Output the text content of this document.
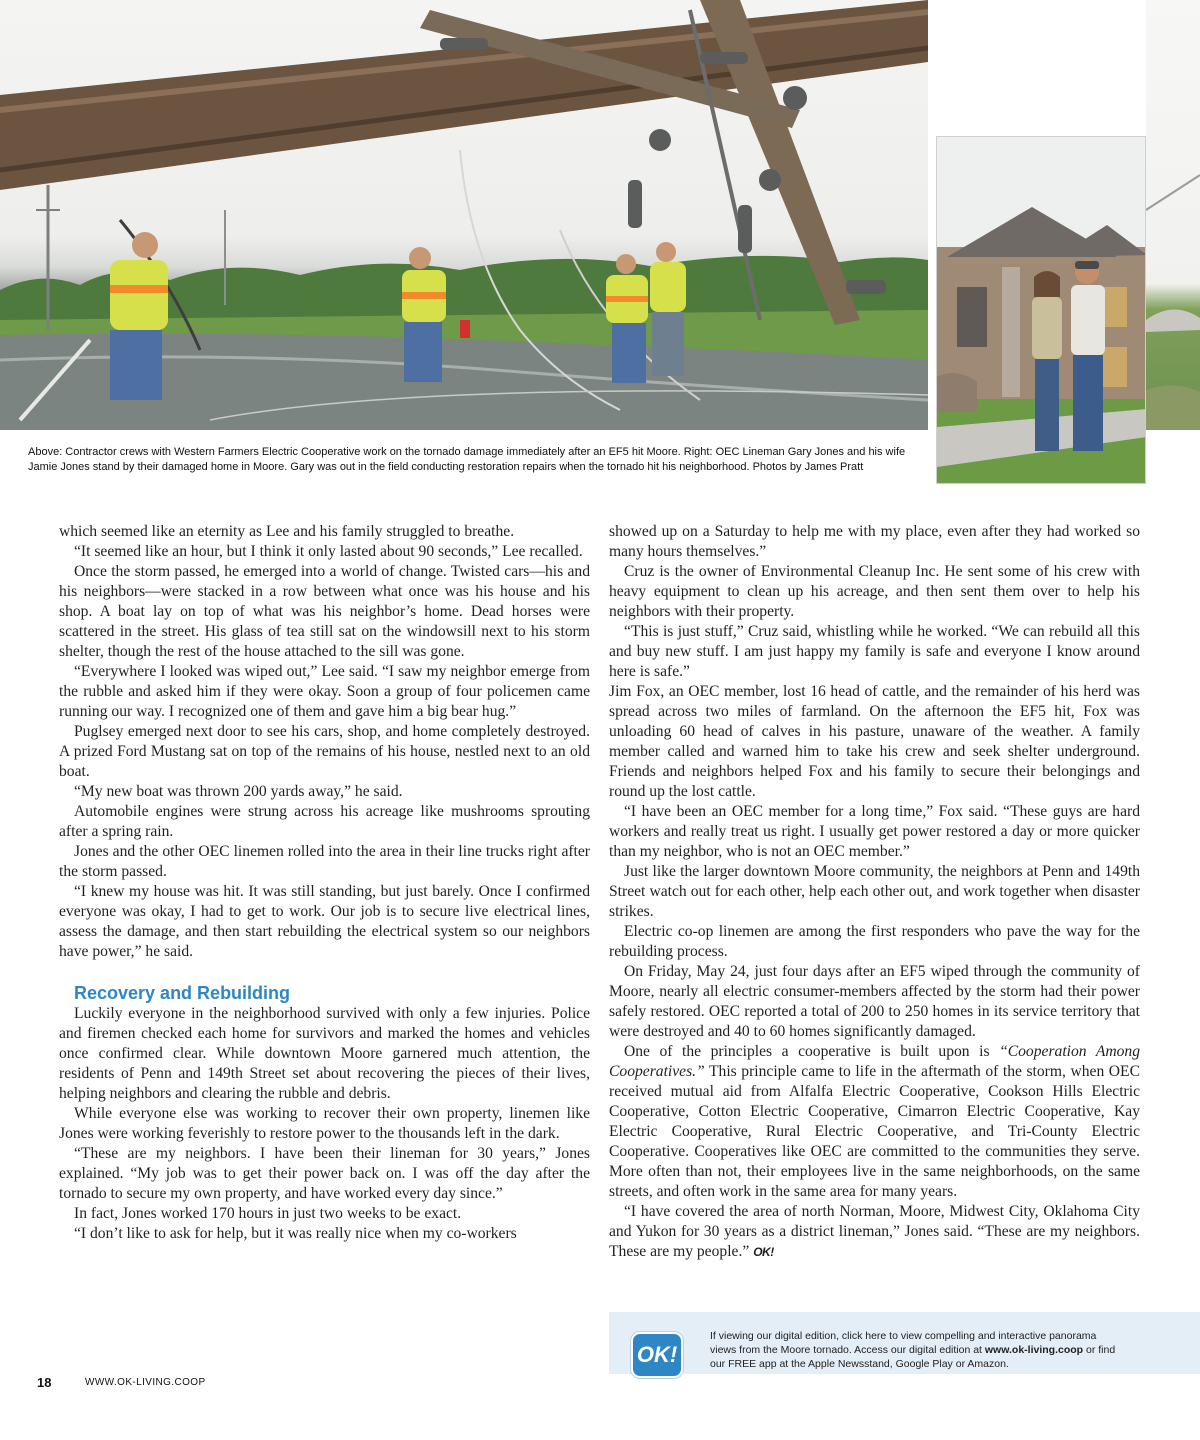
Above: Contractor crews with Western Farmers Electric Cooperative work on the tornado damage immediately after an EF5 hit Moore. Right: OEC Lineman Gary Jones and his wife Jamie Jones stand by their damaged home in Moore. Gary was out in the field conducting restoration repairs when the tornado hit his neighborhood. Photos by James Pratt

which seemed like an eternity as Lee and his family struggled to breathe.

“It seemed like an hour, but I think it only lasted about 90 seconds,” Lee recalled.

Once the storm passed, he emerged into a world of change. Twisted cars—his and his neighbors—were stacked in a row between what once was his house and his shop. A boat lay on top of what was his neighbor’s home. Dead horses were scattered in the street. His glass of tea still sat on the windowsill next to his storm shelter, though the rest of the house attached to the sill was gone.

“Everywhere I looked was wiped out,” Lee said. “I saw my neighbor emerge from the rubble and asked him if they were okay. Soon a group of four policemen came running our way. I recognized one of them and gave him a big bear hug.”

Puglsey emerged next door to see his cars, shop, and home completely destroyed. A prized Ford Mustang sat on top of the remains of his house, nestled next to an old boat.

“My new boat was thrown 200 yards away,” he said.

Automobile engines were strung across his acreage like mushrooms sprouting after a spring rain.

Jones and the other OEC linemen rolled into the area in their line trucks right after the storm passed.

“I knew my house was hit. It was still standing, but just barely. Once I confirmed everyone was okay, I had to get to work. Our job is to secure live electrical lines, assess the damage, and then start rebuilding the electrical system so our neighbors have power,” he said.

Recovery and Rebuilding

Luckily everyone in the neighborhood survived with only a few injuries. Police and firemen checked each home for survivors and marked the homes and vehicles once confirmed clear. While downtown Moore garnered much attention, the residents of Penn and 149th Street set about recovering the pieces of their lives, helping neighbors and clearing the rubble and debris.

While everyone else was working to recover their own property, linemen like Jones were working feverishly to restore power to the thousands left in the dark.

“These are my neighbors. I have been their lineman for 30 years,” Jones explained. “My job was to get their power back on. I was off the day after the tornado to secure my own property, and have worked every day since.”

In fact, Jones worked 170 hours in just two weeks to be exact.

“I don’t like to ask for help, but it was really nice when my co-workers

showed up on a Saturday to help me with my place, even after they had worked so many hours themselves.”

Cruz is the owner of Environmental Cleanup Inc. He sent some of his crew with heavy equipment to clean up his acreage, and then sent them over to help his neighbors with their property.

“This is just stuff,” Cruz said, whistling while he worked. “We can rebuild all this and buy new stuff. I am just happy my family is safe and everyone I know around here is safe.”

Jim Fox, an OEC member, lost 16 head of cattle, and the remainder of his herd was spread across two miles of farmland. On the afternoon the EF5 hit, Fox was unloading 60 head of calves in his pasture, unaware of the weather. A family member called and warned him to take his crew and seek shelter underground. Friends and neighbors helped Fox and his family to secure their belongings and round up the lost cattle.

“I have been an OEC member for a long time,” Fox said. “These guys are hard workers and really treat us right. I usually get power restored a day or more quicker than my neighbor, who is not an OEC member.”

Just like the larger downtown Moore community, the neighbors at Penn and 149th Street watch out for each other, help each other out, and work together when disaster strikes.

Electric co-op linemen are among the first responders who pave the way for the rebuilding process.

On Friday, May 24, just four days after an EF5 wiped through the community of Moore, nearly all electric consumer-members affected by the storm had their power safely restored. OEC reported a total of 200 to 250 homes in its service territory that were destroyed and 40 to 60 homes significantly damaged.

One of the principles a cooperative is built upon is “Cooperation Among Cooperatives.” This principle came to life in the aftermath of the storm, when OEC received mutual aid from Alfalfa Electric Cooperative, Cookson Hills Electric Cooperative, Cotton Electric Cooperative, Cimarron Electric Cooperative, Kay Electric Cooperative, Rural Electric Cooperative, and Tri-County Electric Cooperative. Cooperatives like OEC are committed to the communities they serve. More often than not, their employees live in the same neighborhoods, on the same streets, and often work in the same area for many years.

“I have covered the area of north Norman, Moore, Midwest City, Oklahoma City and Yukon for 30 years as a district lineman,” Jones said. “These are my neighbors. These are my people.” OK!

OK!

If viewing our digital edition, click here to view compelling and interactive panorama views from the Moore tornado. Access our digital edition at www.ok-living.coop or find our FREE app at the Apple Newsstand, Google Play or Amazon.

18	WWW.OK-LIVING.COOP
